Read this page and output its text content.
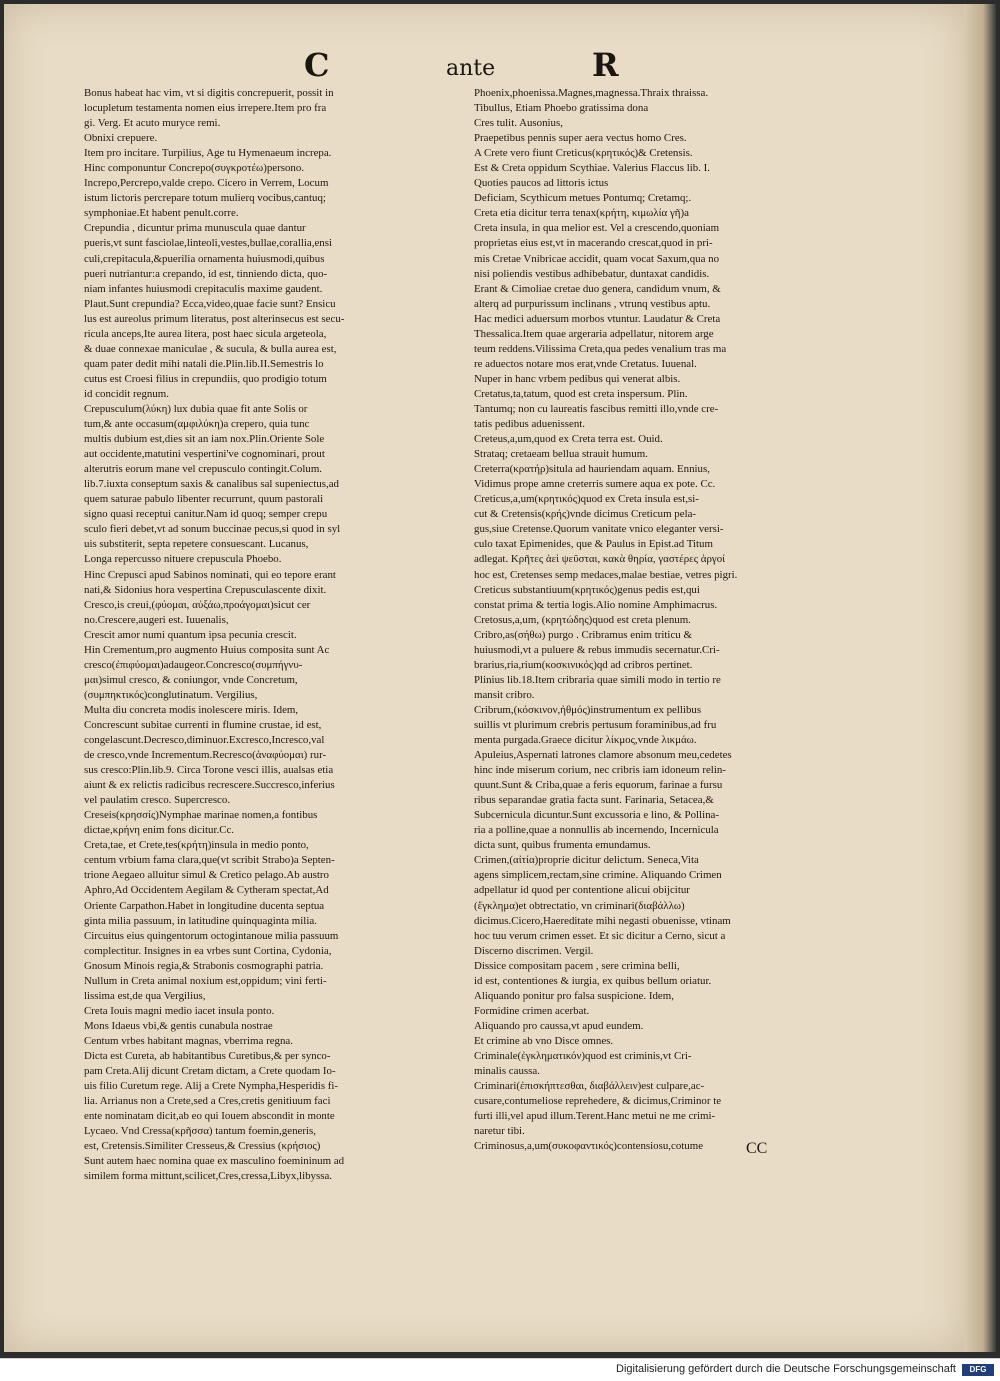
C	ante	R
Bonus habeat hac vim, vt si digitis concrepuerit, possit in
locupletum testamenta nomen eius irrepere.Item pro fra
gi. Verg. Et acuto muryce remi.
Obnixi crepuere.
Item pro incitare. Turpilius, Age tu Hymenaeum increpa.
Hinc componuntur Concrepo(συγκροτέω)persono.
Increpo,Percrepo,valde crepo. Cicero in Verrem, Locum
istum lictoris percrepare totum mulierq vocibus,cantuq;
symphoniae.Et habent penult.corre.
Crepundia , dicuntur prima munuscula quae dantur
pueris,vt sunt fasciolae,linteoli,vestes,bullae,corallia,ensi
culi,crepitacula,&puerilia ornamenta huiusmodi,quibus
pueri nutriantur:a crepando, id est, tinniendo dicta, quo-
niam infantes huiusmodi crepitaculis maxime gaudent.
Plaut.Sunt crepundia? Ecca,video,quae facie sunt? Ensicu
lus est aureolus primum literatus, post alterinsecus est secu-
ricula anceps,Ite aurea litera, post haec sicula argeteola,
& duae connexae maniculae , & sucula, & bulla aurea est,
quam pater dedit mihi natali die.Plin.lib.II.Semestris lo
cutus est Croesi filius in crepundiis, quo prodigio totum
id concidit regnum.
Crepusculum(λύκη) lux dubia quae fit ante Solis or
tum,& ante occasum(αμφιλύκη)a crepero, quia tunc
multis dubium est,dies sit an iam nox.Plin.Oriente Sole
aut occidente,matutini vespertini've cognominari, prout
alterutris eorum mane vel crepusculo contingit.Colum.
lib.7.iuxta conseptum saxis & canalibus sal supeniectus,ad
quem saturae pabulo libenter recurrunt, quum pastorali
signo quasi receptui canitur.Nam id quoq; semper crepu
sculo fieri debet,vt ad sonum buccinae pecus,si quod in syl
uis substiterit, septa repetere consuescant. Lucanus,
Longa repercusso nituere crepuscula Phoebo.
Hinc Crepusci apud Sabinos nominati, qui eo tepore erant
nati,& Sidonius hora vespertina Crepusculascente dixit.
Cresco,is creui,(φύομαι, αὐξάω,προάγομαι)sicut cer
no.Crescere,augeri est. Iuuenalis,
Crescit amor numi quantum ipsa pecunia crescit.
Hin Crementum,pro augmento Huius composita sunt Ac
cresco(ἐπιφύομαι)adaugeor.Concresco(συμπήγνυ-
μαι)simul cresco, & coniungor, vnde Concretum,
(συμπηκτικός)conglutinatum. Vergilius,
Multa diu concreta modis inolescere miris. Idem,
Concrescunt subitae currenti in flumine crustae, id est,
congelascunt.Decresco,diminuor.Excresco,Incresco,val
de cresco,vnde Incrementum.Recresco(ἀναφύομαι) rur-
sus cresco:Plin.lib.9. Circa Torone vesci illis, aualsas etia
aiunt & ex relictis radicibus recrescere.Succresco,inferius
vel paulatim cresco. Supercresco.
Creseis(κρησσίς)Nymphae marinae nomen,a fontibus
dictae,κρήνη enim fons dicitur.Cc.
Creta,tae, et Crete,tes(κρήτη)insula in medio ponto,
centum vrbium fama clara,que(vt scribit Strabo)a Septen-
trione Aegaeo alluitur simul & Cretico pelago.Ab austro
Aphro,Ad Occidentem Aegilam & Cytheram spectat,Ad
Oriente Carpathon.Habet in longitudine ducenta septua
ginta milia passuum, in latitudine quinquaginta milia.
Circuitus eius quingentorum octogintanoue milia passuum
complectitur. Insignes in ea vrbes sunt Cortina, Cydonia,
Gnosum Minois regia,& Strabonis cosmographi patria.
Nullum in Creta animal noxium est,oppidum; vini ferti-
lissima est,de qua Vergilius,
Creta Iouis magni medio iacet insula ponto.
Mons Idaeus vbi,& gentis cunabula nostrae
Centum vrbes habitant magnas, vberrima regna.
Dicta est Cureta, ab habitantibus Curetibus,& per synco-
pam Creta.Alij dicunt Cretam dictam, a Crete quodam Io-
uis filio Curetum rege. Alij a Crete Nympha,Hesperidis fi-
lia. Arrianus non a Crete,sed a Cres,cretis genitiuum faci
ente nominatam dicit,ab eo qui Iouem abscondit in monte
Lycaeo. Vnd Cressa(κρῆσσα) tantum foemin,generis,
est, Cretensis.Similiter Cresseus,& Cressius (κρήσιος)
Sunt autem haec nomina quae ex masculino foemininum ad
similem forma mittunt,scilicet,Cres,cressa,Libyx,libyssa.
Phoenix,phoenissa.Magnes,magnessa.Thraix thraissa.
Tibullus, Etiam Phoebo gratissima dona
Cres tulit. Ausonius,
Praepetibus pennis super aera vectus homo Cres.
A Crete vero fiunt Creticus(κρητικός)& Cretensis.
Est & Creta oppidum Scythiae. Valerius Flaccus lib. I.
Quoties paucos ad littoris ictus
Deficiam, Scythicum metues Pontumq; Cretamq;.
Creta etia dicitur terra tenax(κρήτη, κιμωλία γῆ)a
Creta insula, in qua melior est. Vel a crescendo,quoniam
proprietas eius est,vt in macerando crescat,quod in pri-
mis Cretae Vnibricae accidit, quam vocat Saxum,qua no
nisi poliendis vestibus adhibebatur, duntaxat candidis.
Erant & Cimoliae cretae duo genera, candidum vnum, &
alterq ad purpurissum inclinans , vtrunq vestibus aptu.
Hac medici aduersum morbos vtuntur. Laudatur & Creta
Thessalica.Item quae argeraria adpellatur, nitorem arge
teum reddens.Vilissima Creta,qua pedes venalium tras ma
re aduectos notare mos erat,vnde Cretatus. Iuuenal.
Nuper in hanc vrbem pedibus qui venerat albis.
Cretatus,ta,tatum, quod est creta inspersum. Plin.
Tantumq; non cu laureatis fascibus remitti illo,vnde cre-
tatis pedibus aduenissent.
Creteus,a,um,quod ex Creta terra est. Ouid.
Strataq; cretaeam bellua strauit humum.
Creterra(κρατήρ)situla ad hauriendam aquam. Ennius,
Vidimus prope amne creterris sumere aqua ex pote. Cc.
Creticus,a,um(κρητικός)quod ex Creta insula est,si-
cut & Cretensis(κρής)vnde dicimus Creticum pela-
gus,siue Cretense.Quorum vanitate vnico eleganter versi-
culo taxat Epimenides, que & Paulus in Epist.ad Titum
adlegat. Κρῆτες ἀεὶ ψεῦσται, κακὰ θηρία, γαστέρες ἀργοί
hoc est, Cretenses semp medaces,malae bestiae, vetres pigri.
Creticus substantiuum(κρητικός)genus pedis est,qui
constat prima & tertia logis.Alio nomine Amphimacrus.
Cretosus,a,um, (κρητώδης)quod est creta plenum.
Cribro,as(σήθω) purgo . Cribramus enim triticu &
huiusmodi,vt a puluere & rebus immudis secernatur.Cri-
brarius,ria,rium(κοσκινικός)qd ad cribros pertinet.
Plinius lib.18.Item cribraria quae simili modo in tertio re
mansit cribro.
Cribrum,(κόσκινον,ἠθμός)instrumentum ex pellibus
suillis vt plurimum crebris pertusum foraminibus,ad fru
menta purgada.Graece dicitur λίκμος,vnde λικμάω.
Apuleius,Aspernati latrones clamore absonum meu,cedetes
hinc inde miserum corium, nec cribris iam idoneum relin-
quunt.Sunt & Criba,quae a feris equorum, farinae a fursu
ribus separandae gratia facta sunt. Farinaria, Setacea,&
Subcernicula dicuntur.Sunt excussoria e lino, & Pollina-
ria a polline,quae a nonnullis ab incernendo, Incernicula
dicta sunt, quibus frumenta emundamus.
Crimen,(αἰτία)proprie dicitur delictum. Seneca,Vita
agens simplicem,rectam,sine crimine. Aliquando Crimen
adpellatur id quod per contentione alicui obijcitur
(ἔγκλημα)et obtrectatio, vn criminari(διαβάλλω)
dicimus.Cicero,Haereditate mihi negasti obuenisse, vtinam
hoc tuu verum crimen esset. Et sic dicitur a Cerno, sicut a
Discerno discrimen. Vergil.
Dissice compositam pacem , sere crimina belli,
id est, contentiones & iurgia, ex quibus bellum oriatur.
Aliquando ponitur pro falsa suspicione. Idem,
Formidine crimen acerbat.
Aliquando pro caussa,vt apud eundem.
Et crimine ab vno Disce omnes.
Criminale(ἐγκληματικόν)quod est criminis,vt Cri-
minalis caussa.
Criminari(ἐπισκήπτεσθαι, διαβάλλειν)est culpare,ac-
cusare,contumeliose reprehedere, & dicimus,Criminor te
furti illi,vel apud illum.Terent.Hanc metui ne me crimi-
naretur tibi.
Criminosus,a,um(συκοφαντικός)contensiosu,cotume	CC
Digitalisierung gefördert durch die Deutsche Forschungsgemeinschaft	DFG
